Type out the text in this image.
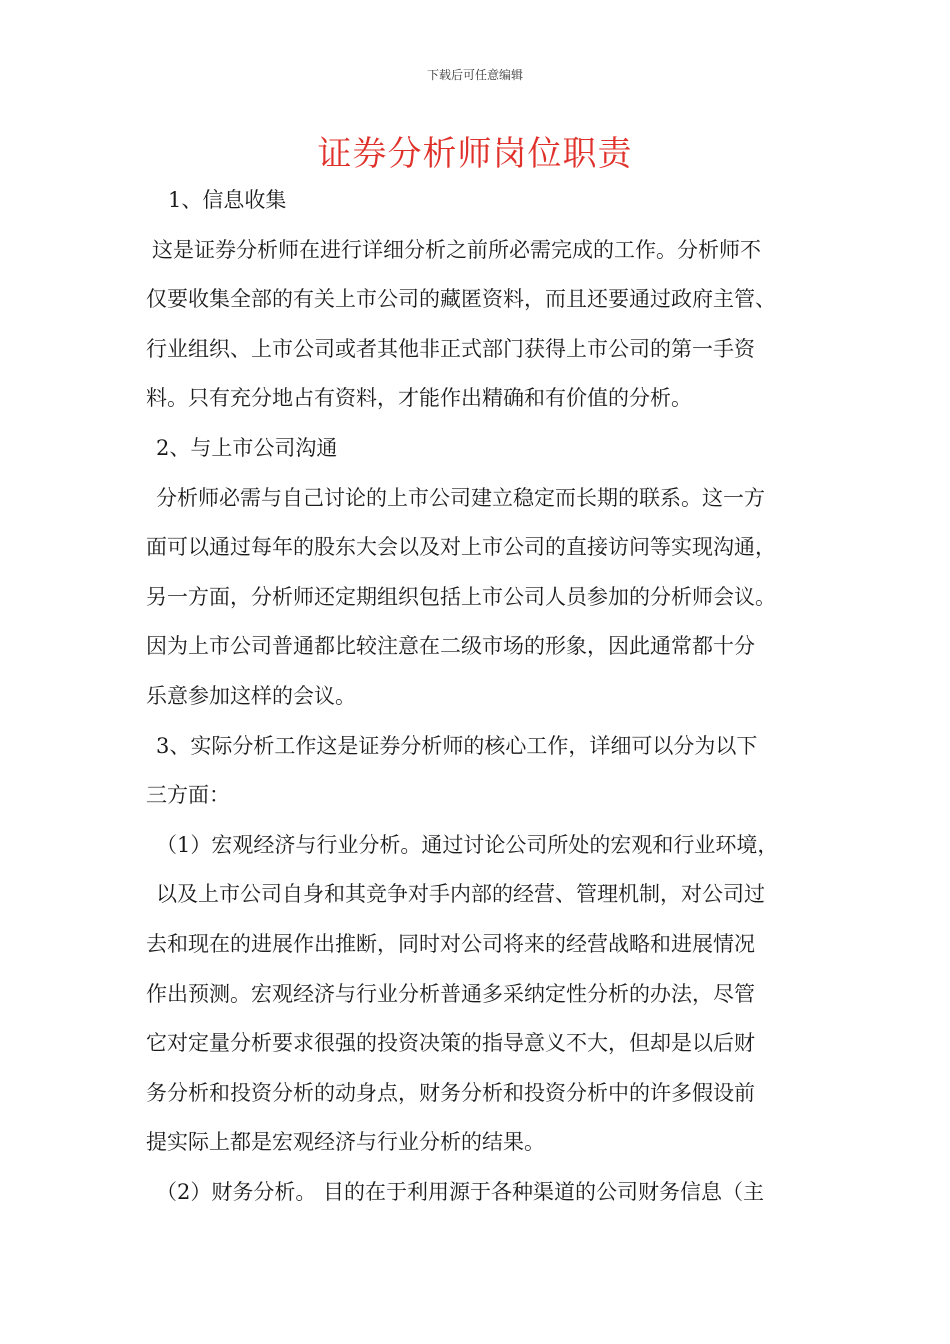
下载后可任意编辑
证券分析师岗位职责
1、信息收集
这是证券分析师在进行详细分析之前所必需完成的工作。分析师不
仅要收集全部的有关上市公司的藏匿资料，而且还要通过政府主管、
行业组织、上市公司或者其他非正式部门获得上市公司的第一手资
料。只有充分地占有资料，才能作出精确和有价值的分析。
2、与上市公司沟通
分析师必需与自己讨论的上市公司建立稳定而长期的联系。这一方
面可以通过每年的股东大会以及对上市公司的直接访问等实现沟通，
另一方面，分析师还定期组织包括上市公司人员参加的分析师会议。
因为上市公司普通都比较注意在二级市场的形象，因此通常都十分
乐意参加这样的会议。
3、实际分析工作这是证券分析师的核心工作，详细可以分为以下
三方面：
（1）宏观经济与行业分析。通过讨论公司所处的宏观和行业环境，
以及上市公司自身和其竞争对手内部的经营、管理机制，对公司过
去和现在的进展作出推断，同时对公司将来的经营战略和进展情况
作出预测。宏观经济与行业分析普通多采纳定性分析的办法，尽管
它对定量分析要求很强的投资决策的指导意义不大，但却是以后财
务分析和投资分析的动身点，财务分析和投资分析中的许多假设前
提实际上都是宏观经济与行业分析的结果。
（2）财务分析。 目的在于利用源于各种渠道的公司财务信息（主
